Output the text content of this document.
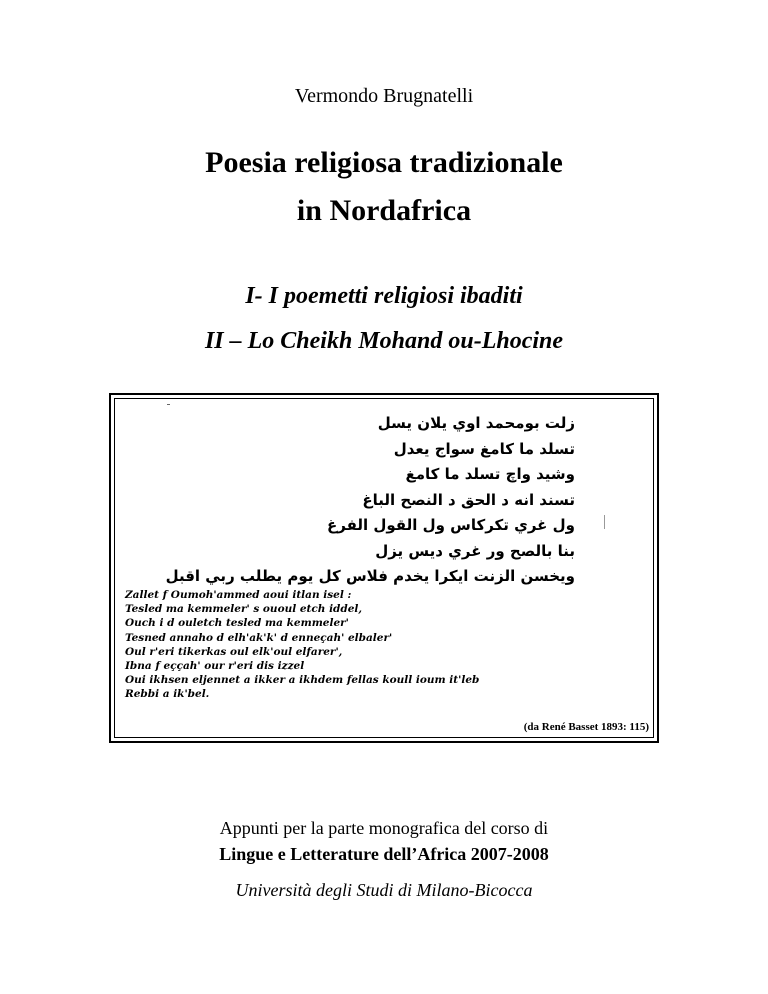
Vermondo Brugnatelli
Poesia religiosa tradizionale
in Nordafrica
I- I poemetti religiosi ibaditi
II – Lo Cheikh Mohand ou-Lhocine
زلت بومحمد اوي يلان يسل
تسلد ما كامغ سواج يعدل
وشيد واچ تسلد ما كامغ
تسند انه د الحق د النصح الباغ
ول غري تكركاس ول القول الفرغ
بنا بالصح ور غري ديس يزل
ويخسن الزنت ايكرا يخدم فلاس كل يوم يطلب ربي اقبل
Zallet f Oumoh'ammed aoui itlan isel :
Tesled ma kemmeler' s ououl etch iddel,
Ouch i d ouletch tesled ma kemmeler'
Tesned annaho d elh'ak'k' d enneçah' elbaler'
Oul r'eri tikerkas oul elk'oul elfarer',
Ibna f eççah' our r'eri dis izzel
Oui ikhsen eljennet a ikker a ikhdem fellas koull ioum it'leb
Rebbi a ik'bel.
(da René Basset 1893: 115)
Appunti per la parte monografica del corso di
Lingue e Letterature dell’Africa 2007-2008
Università degli Studi di Milano-Bicocca
